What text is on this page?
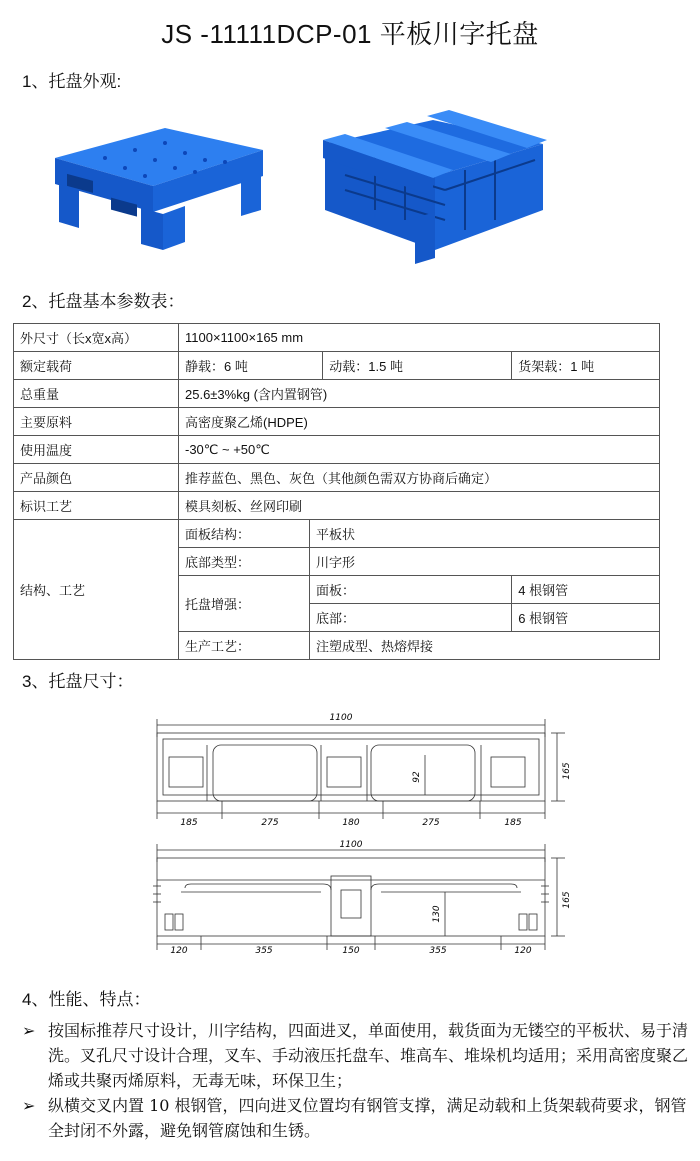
JS -11111DCP-01 平板川字托盘
1、托盘外观:
2、托盘基本参数表：
外尺寸（长x宽x高）	1100×1100×165 mm			
额定载荷	静载：6 吨		动载：1.5 吨	货架载：1 吨
总重量	25.6±3%kg (含内置钢管)			
主要原料	高密度聚乙烯(HDPE)			
使用温度	-30℃ ~ +50℃			
产品颜色	推荐蓝色、黑色、灰色（其他颜色需双方协商后确定）			
标识工艺	模具刻板、丝网印刷			
结构、工艺	面板结构：	平板状		
	底部类型：	川字形		
	托盘增强：	面板：		4 根钢管
		底部：		6 根钢管
	生产工艺：	注塑成型、热熔焊接		
3、托盘尺寸：
1100
165
92
185	275	180	275	185
1100
165
130
120	355	150	355	120
4、性能、特点：
➢ 按国标推荐尺寸设计，川字结构，四面进叉，单面使用，载货面为无镂空的平板状、易于清洗。叉孔尺寸设计合理，叉车、手动液压托盘车、堆高车、堆垛机均适用；采用高密度聚乙烯或共聚丙烯原料，无毒无味，环保卫生；
➢ 纵横交叉内置 10 根钢管，四向进叉位置均有钢管支撑，满足动载和上货架载荷要求，钢管全封闭不外露，避免钢管腐蚀和生锈。
